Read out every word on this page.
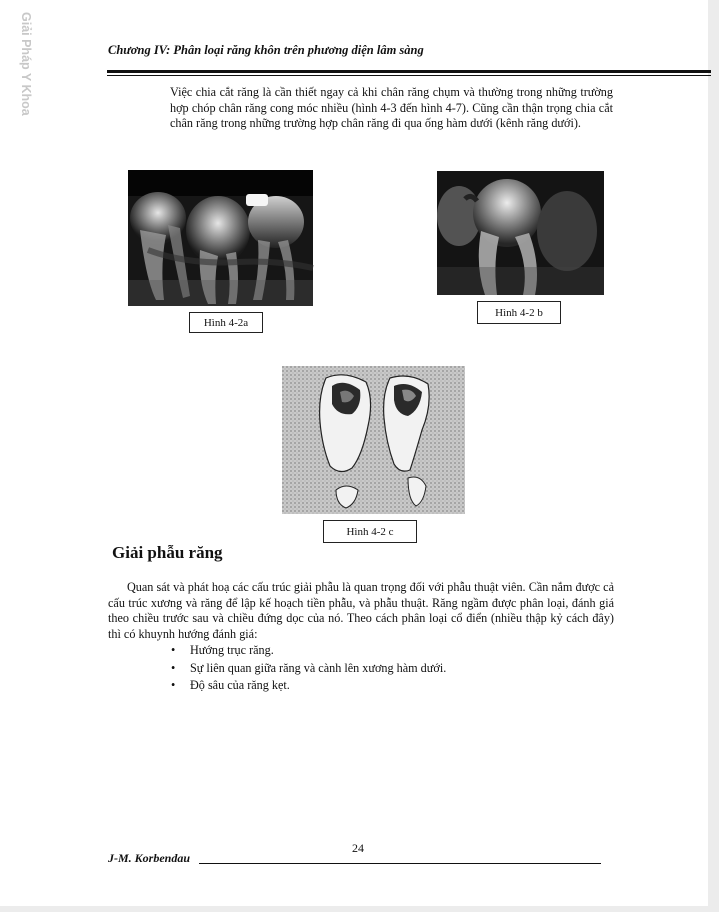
Giải Pháp Y Khoa	Chương IV: Phân loại răng khôn trên phương diện lâm sàng

Việc chia cắt răng là cần thiết ngay cả khi chân răng chụm và thường trong những trường hợp chóp chân răng cong móc nhiều (hình 4-3 đến hình 4-7). Cũng cần thận trọng chia cắt chân răng trong những trường hợp chân răng đi qua ống hàm dưới (kênh răng dưới).

Hình 4-2a
Hình 4-2 b
Hình 4-2 c
Giải phẫu răng

Quan sát và phát hoạ các cấu trúc giải phẫu là quan trọng đối với phẫu thuật viên. Cần nắm được cả cấu trúc xương và răng để lập kế hoạch tiền phẫu, và phẫu thuật. Răng ngầm được phân loại, đánh giá theo chiều trước sau và chiều đứng dọc của nó. Theo cách phân loại cổ điển (nhiều thập kỷ cách đây) thì có khuynh hướng đánh giá:

• Hướng trục răng.
• Sự liên quan giữa răng và cành lên xương hàm dưới.
• Độ sâu của răng kẹt.
24
J-M. Korbendau
